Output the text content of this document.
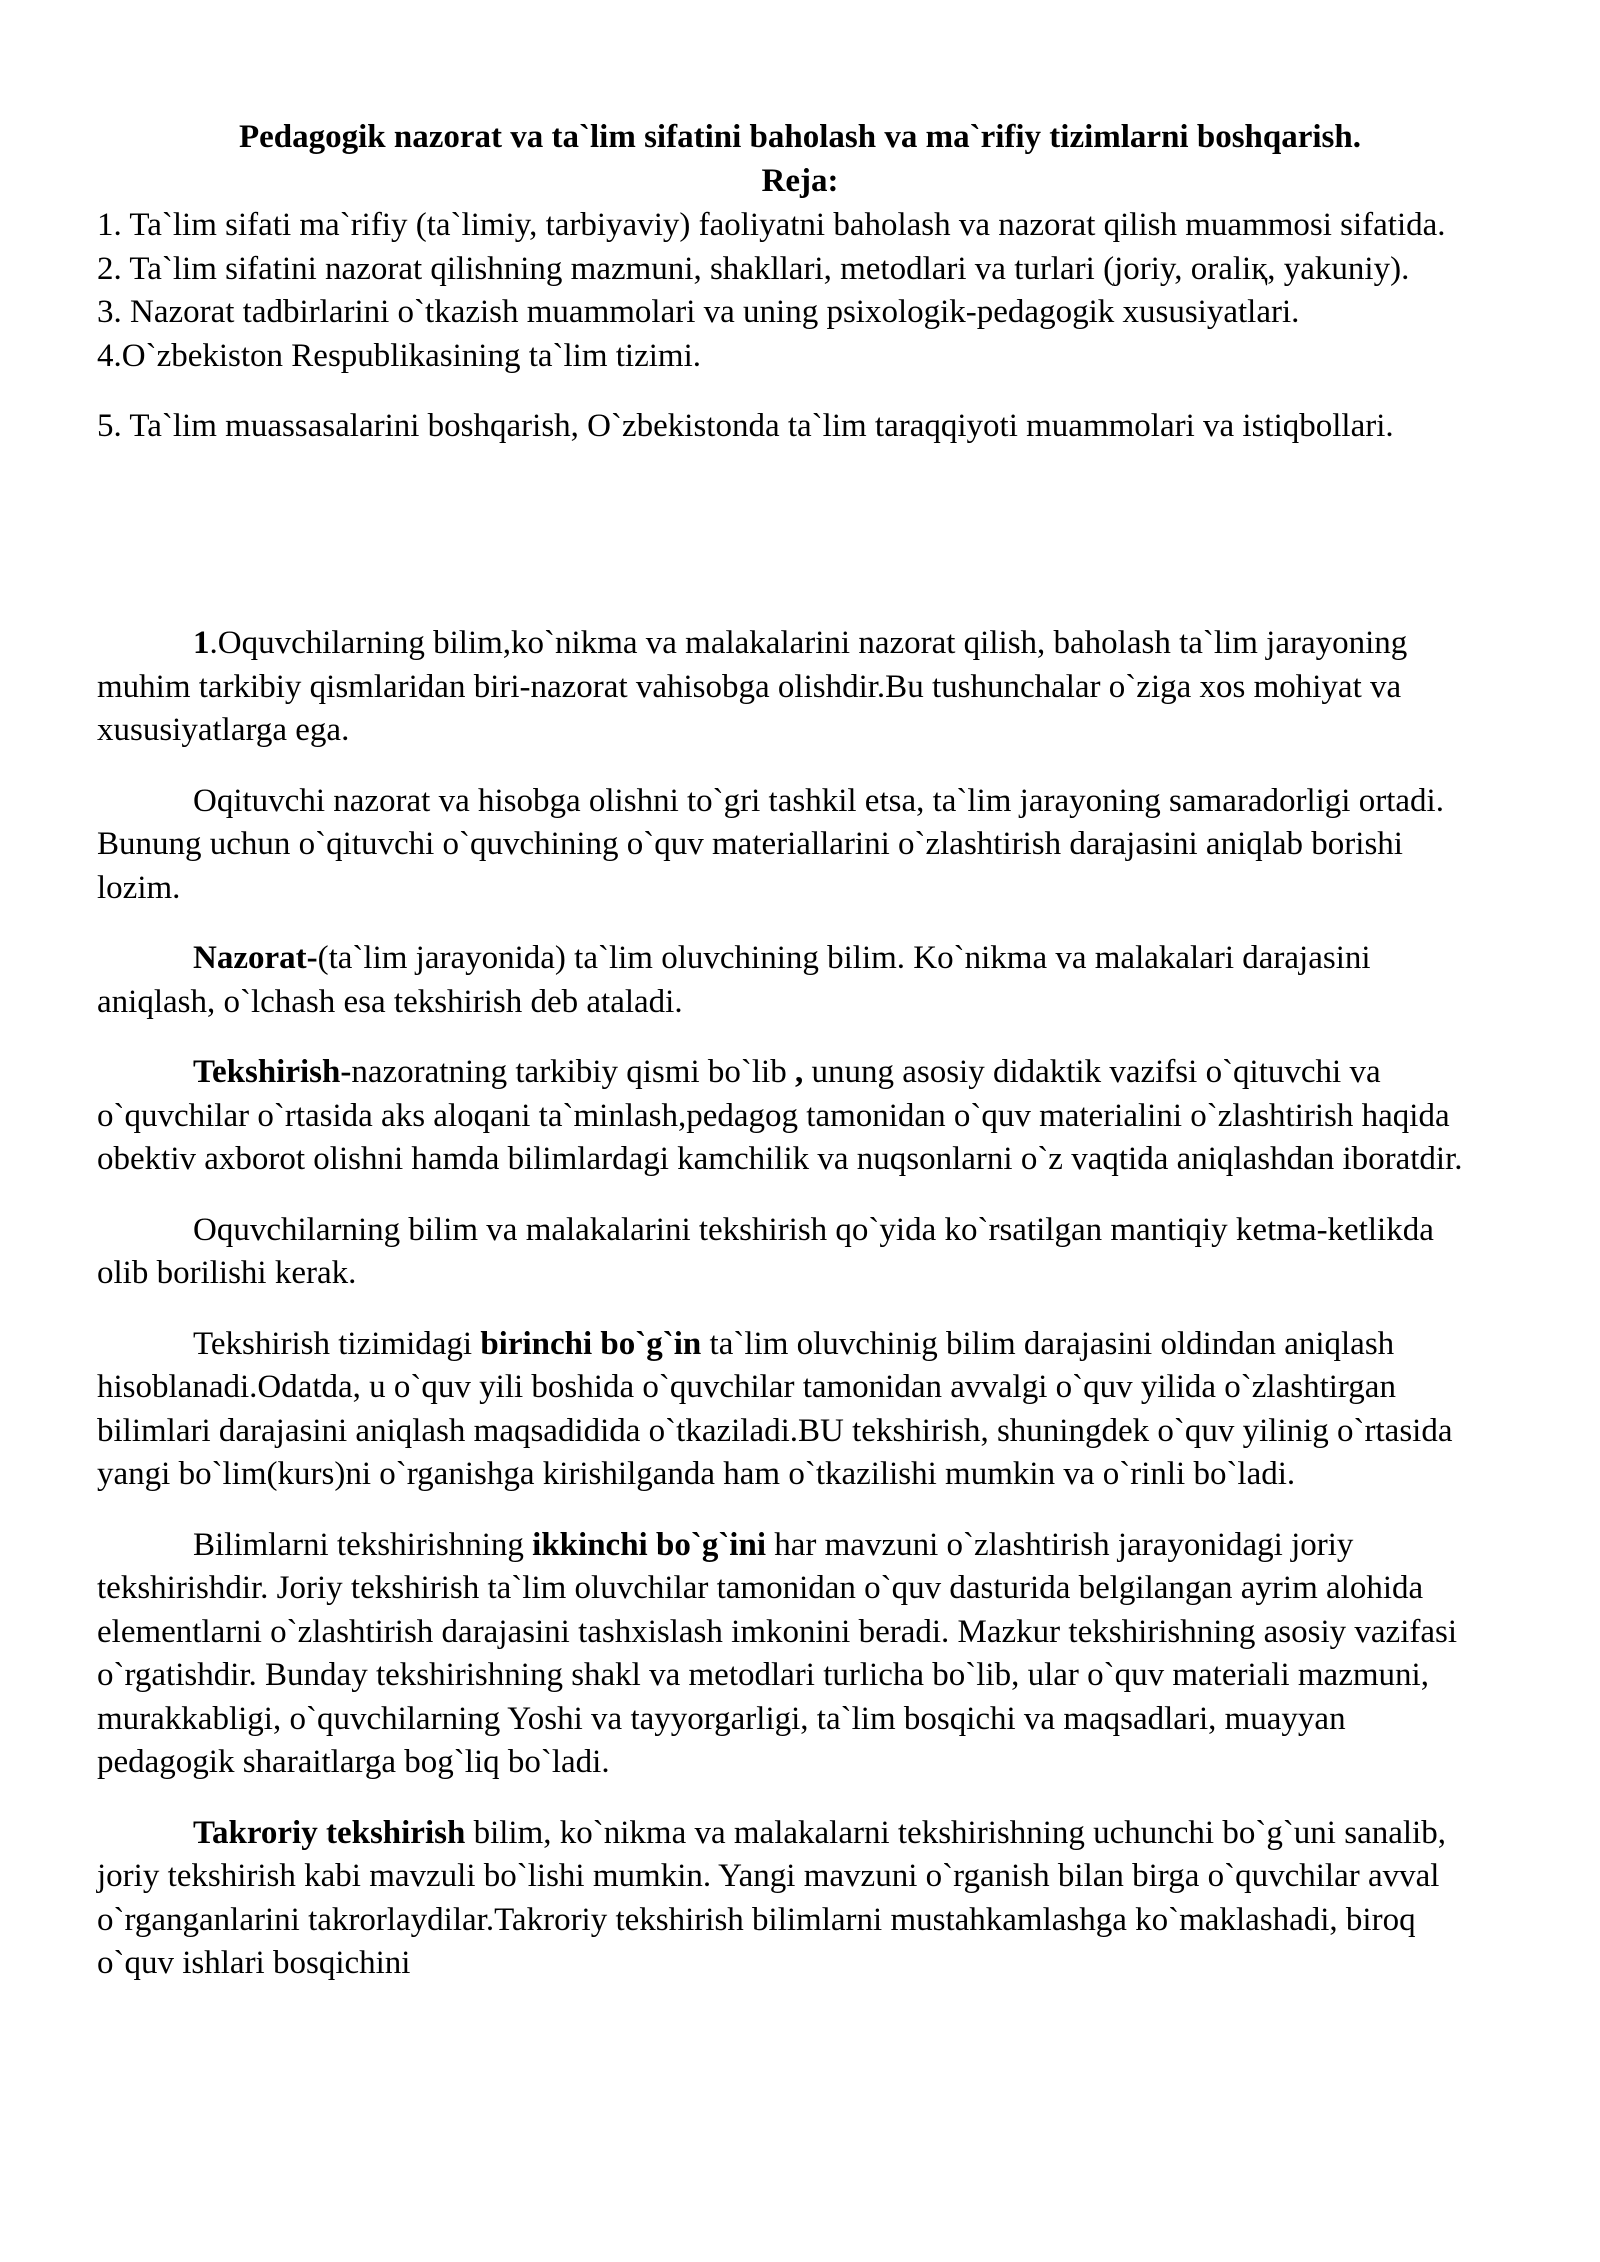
Pedagogik nazorat va ta`lim sifatini baholash va ma`rifiy tizimlarni boshqarish.

Reja:

1. Ta`lim sifati ma`rifiy (ta`limiy, tarbiyaviy) faoliyatni baholash va nazorat qilish muammosi sifatida.

2. Ta`lim sifatini nazorat qilishning mazmuni, shakllari, metodlari va turlari (joriy, oraliқ, yakuniy).

3. Nazorat tadbirlarini o`tkazish muammolari va uning psixologik-pedagogik xususiyatlari.

4.O`zbekiston Respublikasining ta`lim tizimi.

5. Ta`lim muassasalarini boshqarish, O`zbekistonda ta`lim taraqqiyoti muammolari va istiqbollari.

1.Oquvchilarning bilim,ko`nikma va malakalarini nazorat qilish, baholash ta`lim jarayoning muhim tarkibiy qismlaridan biri-nazorat vahisobga olishdir.Bu tushunchalar o`ziga xos mohiyat va xususiyatlarga ega.

Oqituvchi nazorat va hisobga olishni to`gri tashkil etsa, ta`lim jarayoning samaradorligi ortadi. Bunung uchun o`qituvchi o`quvchining o`quv materiallarini o`zlashtirish darajasini aniqlab borishi lozim.

Nazorat-(ta`lim jarayonida) ta`lim oluvchining bilim. Ko`nikma va malakalari darajasini aniqlash, o`lchash esa tekshirish deb ataladi.

Tekshirish-nazoratning tarkibiy qismi bo`lib , unung asosiy didaktik vazifsi o`qituvchi va o`quvchilar o`rtasida aks aloqani ta`minlash,pedagog tamonidan o`quv materialini o`zlashtirish haqida obektiv axborot olishni hamda bilimlardagi kamchilik va nuqsonlarni o`z vaqtida aniqlashdan iboratdir.

Oquvchilarning bilim va malakalarini tekshirish qo`yida ko`rsatilgan mantiqiy ketma-ketlikda olib borilishi kerak.

Tekshirish tizimidagi birinchi bo`g`in ta`lim oluvchinig bilim darajasini oldindan aniqlash hisoblanadi.Odatda, u o`quv yili boshida o`quvchilar tamonidan avvalgi o`quv yilida o`zlashtirgan bilimlari darajasini aniqlash maqsadidida o`tkaziladi.BU tekshirish, shuningdek o`quv yilinig o`rtasida yangi bo`lim(kurs)ni o`rganishga kirishilganda ham o`tkazilishi mumkin va o`rinli bo`ladi.

Bilimlarni tekshirishning ikkinchi bo`g`ini har mavzuni o`zlashtirish jarayonidagi joriy tekshirishdir. Joriy tekshirish ta`lim oluvchilar tamonidan o`quv dasturida belgilangan ayrim alohida elementlarni o`zlashtirish darajasini tashxislash imkonini beradi. Mazkur tekshirishning asosiy vazifasi o`rgatishdir. Bunday tekshirishning shakl va metodlari turlicha bo`lib, ular o`quv materiali mazmuni, murakkabligi, o`quvchilarning Yoshi va tayyorgarligi, ta`lim bosqichi va maqsadlari, muayyan pedagogik sharaitlarga bog`liq bo`ladi.

Takroriy tekshirish bilim, ko`nikma va malakalarni tekshirishning uchunchi bo`g`uni sanalib, joriy tekshirish kabi mavzuli bo`lishi mumkin. Yangi mavzuni o`rganish bilan birga o`quvchilar avval o`rganganlarini takrorlaydilar.Takroriy tekshirish bilimlarni mustahkamlashga ko`maklashadi, biroq o`quv ishlari bosqichini
